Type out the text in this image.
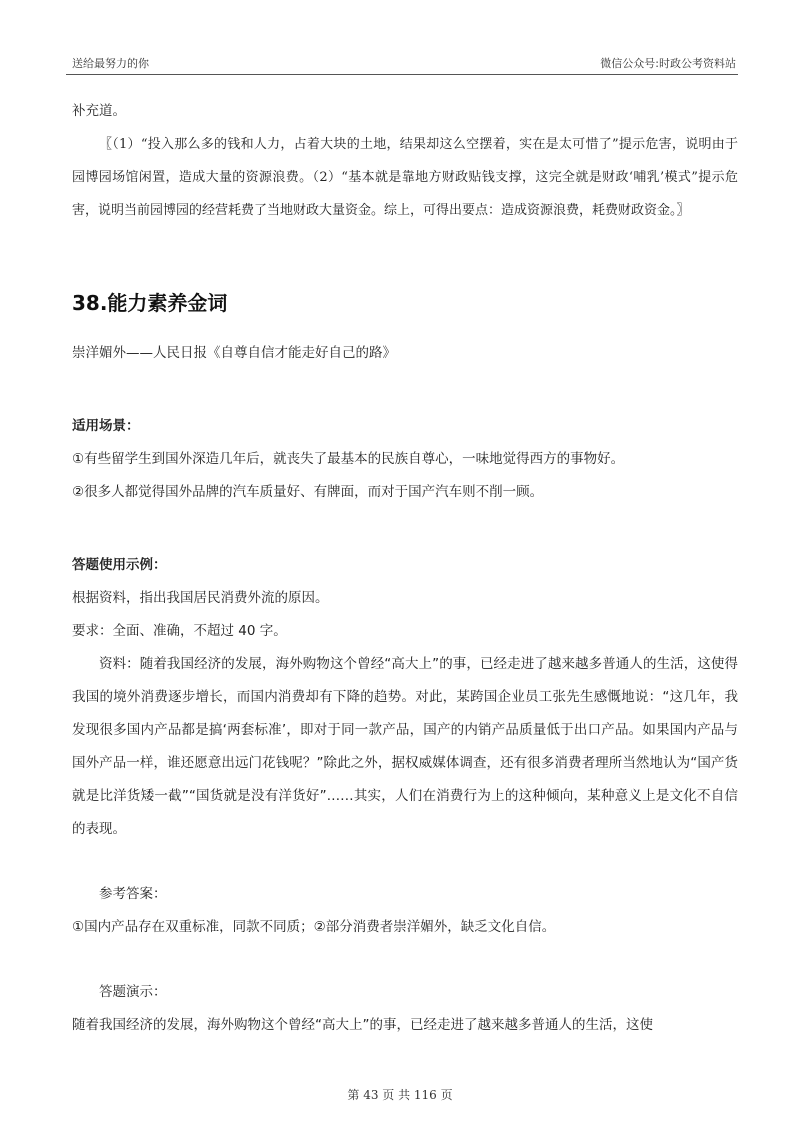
送给最努力的你	微信公众号:时政公考资料站

补充道。

〖（1）“投入那么多的钱和人力，占着大块的土地，结果却这么空摆着，实在是太可惜了”提示危害，说明由于园博园场馆闲置，造成大量的资源浪费。（2）“基本就是靠地方财政贴钱支撑，这完全就是财政‘哺乳’模式”提示危害，说明当前园博园的经营耗费了当地财政大量资金。综上，可得出要点：造成资源浪费，耗费财政资金。〗

38.能力素养金词

崇洋媚外——人民日报《自尊自信才能走好自己的路》

适用场景：

①有些留学生到国外深造几年后，就丧失了最基本的民族自尊心，一味地觉得西方的事物好。

②很多人都觉得国外品牌的汽车质量好、有牌面，而对于国产汽车则不削一顾。

答题使用示例：

根据资料，指出我国居民消费外流的原因。

要求：全面、准确，不超过 40 字。

资料：随着我国经济的发展，海外购物这个曾经“高大上”的事，已经走进了越来越多普通人的生活，这使得我国的境外消费逐步增长，而国内消费却有下降的趋势。对此，某跨国企业员工张先生感慨地说：“这几年，我发现很多国内产品都是搞‘两套标准’，即对于同一款产品，国产的内销产品质量低于出口产品。如果国内产品与国外产品一样，谁还愿意出远门花钱呢？”除此之外，据权威媒体调查，还有很多消费者理所当然地认为“国产货就是比洋货矮一截”“国货就是没有洋货好”……其实，人们在消费行为上的这种倾向，某种意义上是文化不自信的表现。

参考答案：

①国内产品存在双重标准，同款不同质；②部分消费者崇洋媚外，缺乏文化自信。

答题演示：

随着我国经济的发展，海外购物这个曾经“高大上”的事，已经走进了越来越多普通人的生活，这使

第 43 页 共 116 页
